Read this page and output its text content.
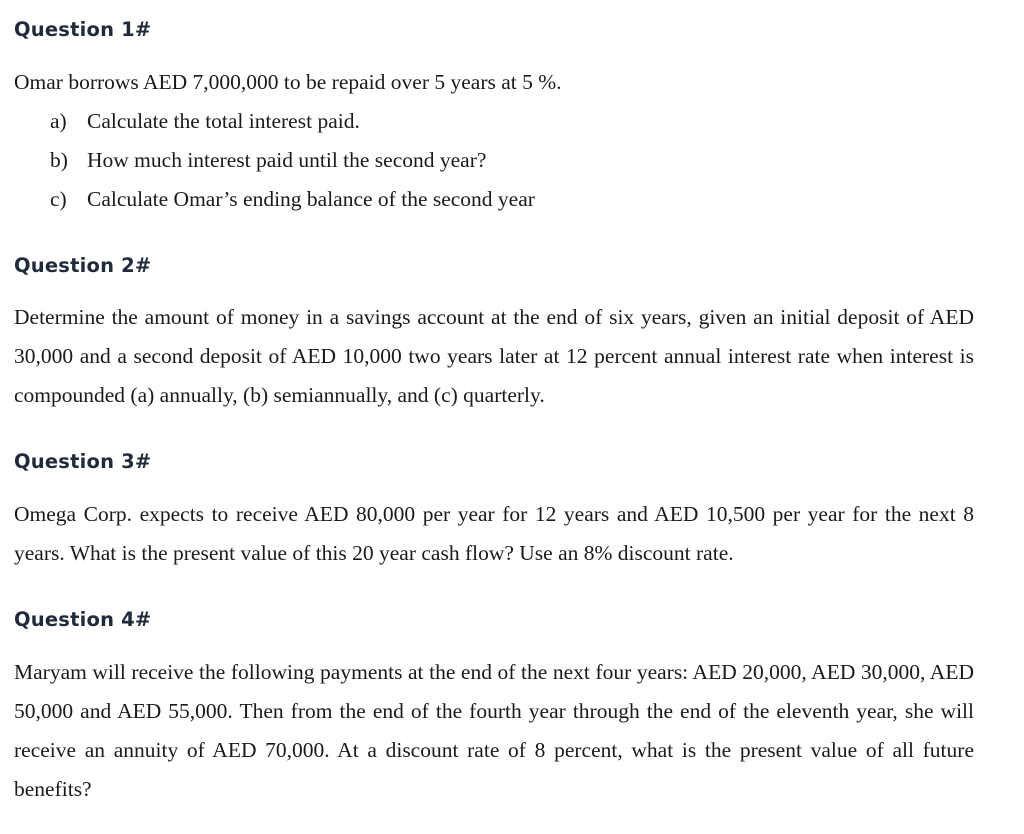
Question 1#

Omar borrows AED 7,000,000 to be repaid over 5 years at 5 %.

a) Calculate the total interest paid.
b) How much interest paid until the second year?
c) Calculate Omar’s ending balance of the second year
Question 2#

Determine the amount of money in a savings account at the end of six years, given an initial deposit of AED 30,000 and a second deposit of AED 10,000 two years later at 12 percent annual interest rate when interest is compounded (a) annually, (b) semiannually, and (c) quarterly.

Question 3#

Omega Corp. expects to receive AED 80,000 per year for 12 years and AED 10,500 per year for the next 8 years. What is the present value of this 20 year cash flow? Use an 8% discount rate.

Question 4#

Maryam will receive the following payments at the end of the next four years: AED 20,000, AED 30,000, AED 50,000 and AED 55,000. Then from the end of the fourth year through the end of the eleventh year, she will receive an annuity of AED 70,000. At a discount rate of 8 percent, what is the present value of all future benefits?
